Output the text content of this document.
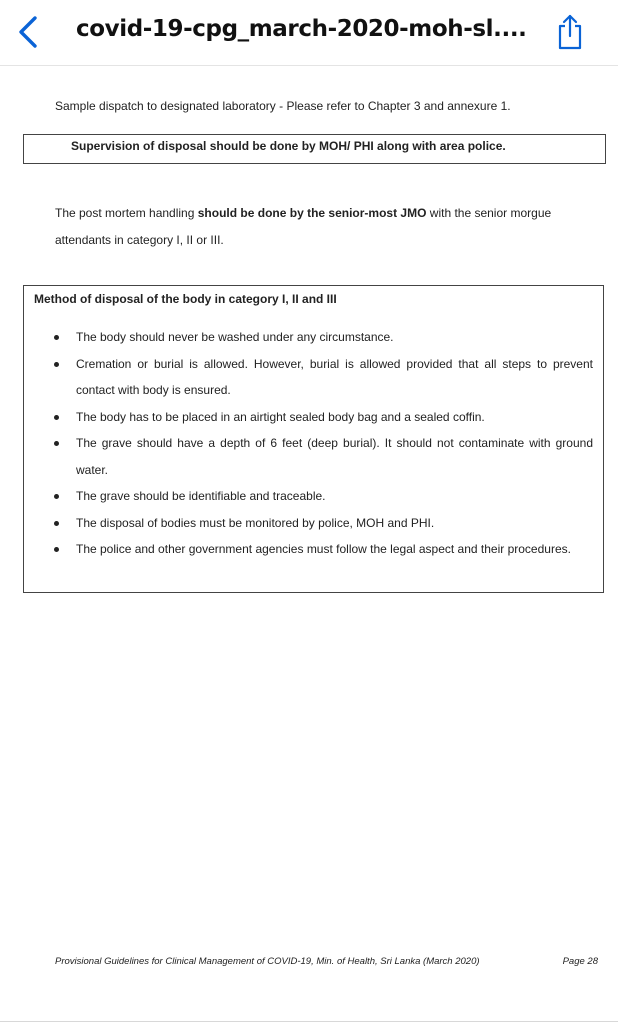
covid-19-cpg_march-2020-moh-sl....

Sample dispatch to designated laboratory - Please refer to Chapter 3 and annexure 1.

Supervision of disposal should be done by MOH/ PHI along with area police.

The post mortem handling should be done by the senior-most JMO with the senior morgue attendants in category I, II or III.

Method of disposal of the body in category I, II and III
The body should never be washed under any circumstance.
Cremation or burial is allowed. However, burial is allowed provided that all steps to prevent contact with body is ensured.
The body has to be placed in an airtight sealed body bag and a sealed coffin.
The grave should have a depth of 6 feet (deep burial). It should not contaminate with ground water.
The grave should be identifiable and traceable.
The disposal of bodies must be monitored by police, MOH and PHI.
The police and other government agencies must follow the legal aspect and their procedures.
Provisional Guidelines for Clinical Management of COVID-19, Min. of Health, Sri Lanka (March 2020)	Page 28
